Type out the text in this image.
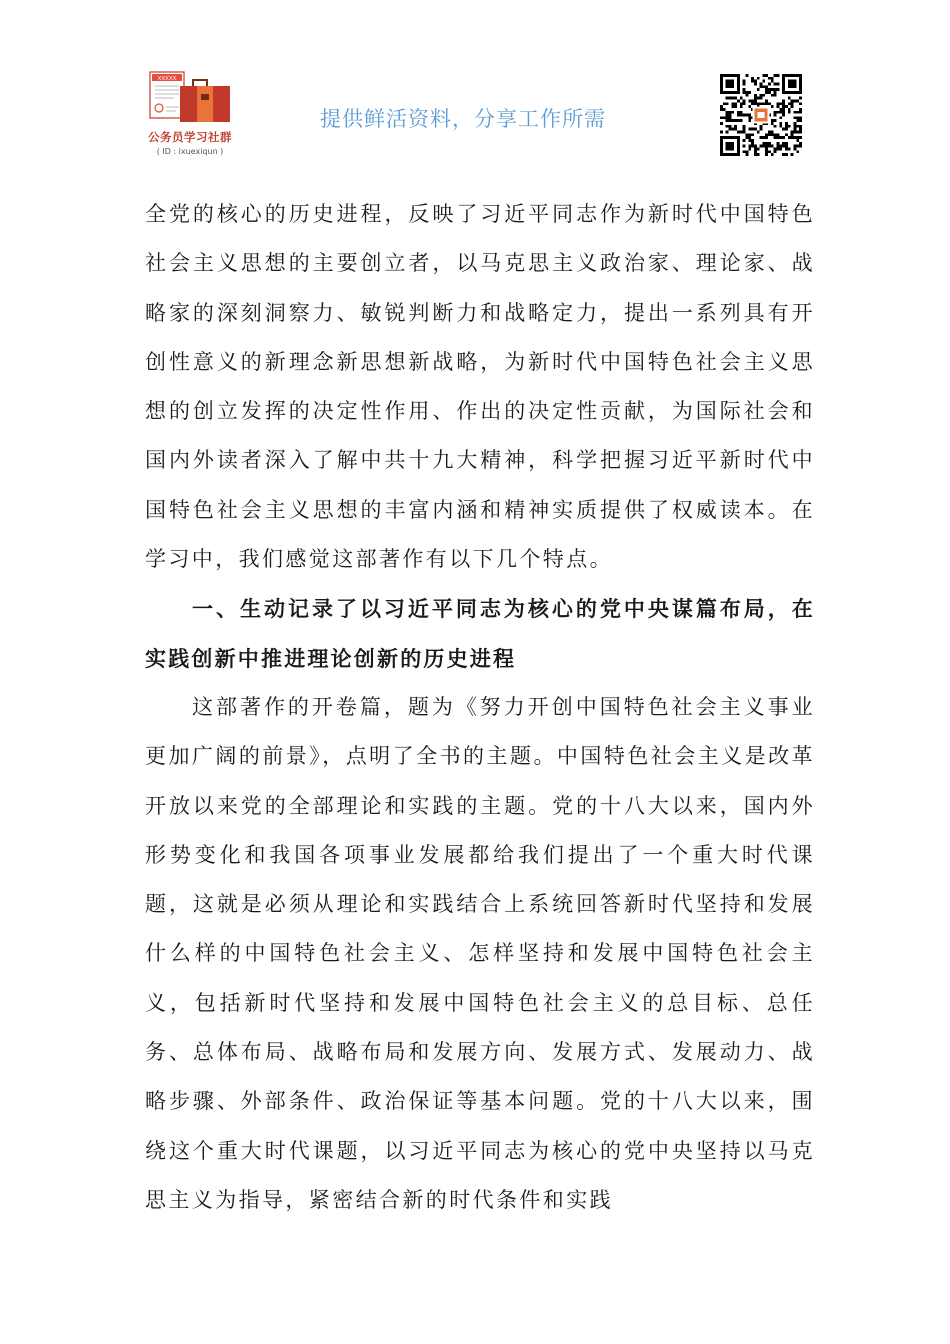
XXXXX
公务员学习社群
( ID : ixuexiqun )
提供鲜活资料，分享工作所需

全党的核心的历史进程，反映了习近平同志作为新时代中国特色社会主义思想的主要创立者，以马克思主义政治家、理论家、战略家的深刻洞察力、敏锐判断力和战略定力，提出一系列具有开创性意义的新理念新思想新战略，为新时代中国特色社会主义思想的创立发挥的决定性作用、作出的决定性贡献，为国际社会和国内外读者深入了解中共十九大精神，科学把握习近平新时代中国特色社会主义思想的丰富内涵和精神实质提供了权威读本。在学习中，我们感觉这部著作有以下几个特点。

一、生动记录了以习近平同志为核心的党中央谋篇布局，在实践创新中推进理论创新的历史进程

这部著作的开卷篇，题为《努力开创中国特色社会主义事业更加广阔的前景》，点明了全书的主题。中国特色社会主义是改革开放以来党的全部理论和实践的主题。党的十八大以来，国内外形势变化和我国各项事业发展都给我们提出了一个重大时代课题，这就是必须从理论和实践结合上系统回答新时代坚持和发展什么样的中国特色社会主义、怎样坚持和发展中国特色社会主义，包括新时代坚持和发展中国特色社会主义的总目标、总任务、总体布局、战略布局和发展方向、发展方式、发展动力、战略步骤、外部条件、政治保证等基本问题。党的十八大以来，围绕这个重大时代课题，以习近平同志为核心的党中央坚持以马克思主义为指导，紧密结合新的时代条件和实践
